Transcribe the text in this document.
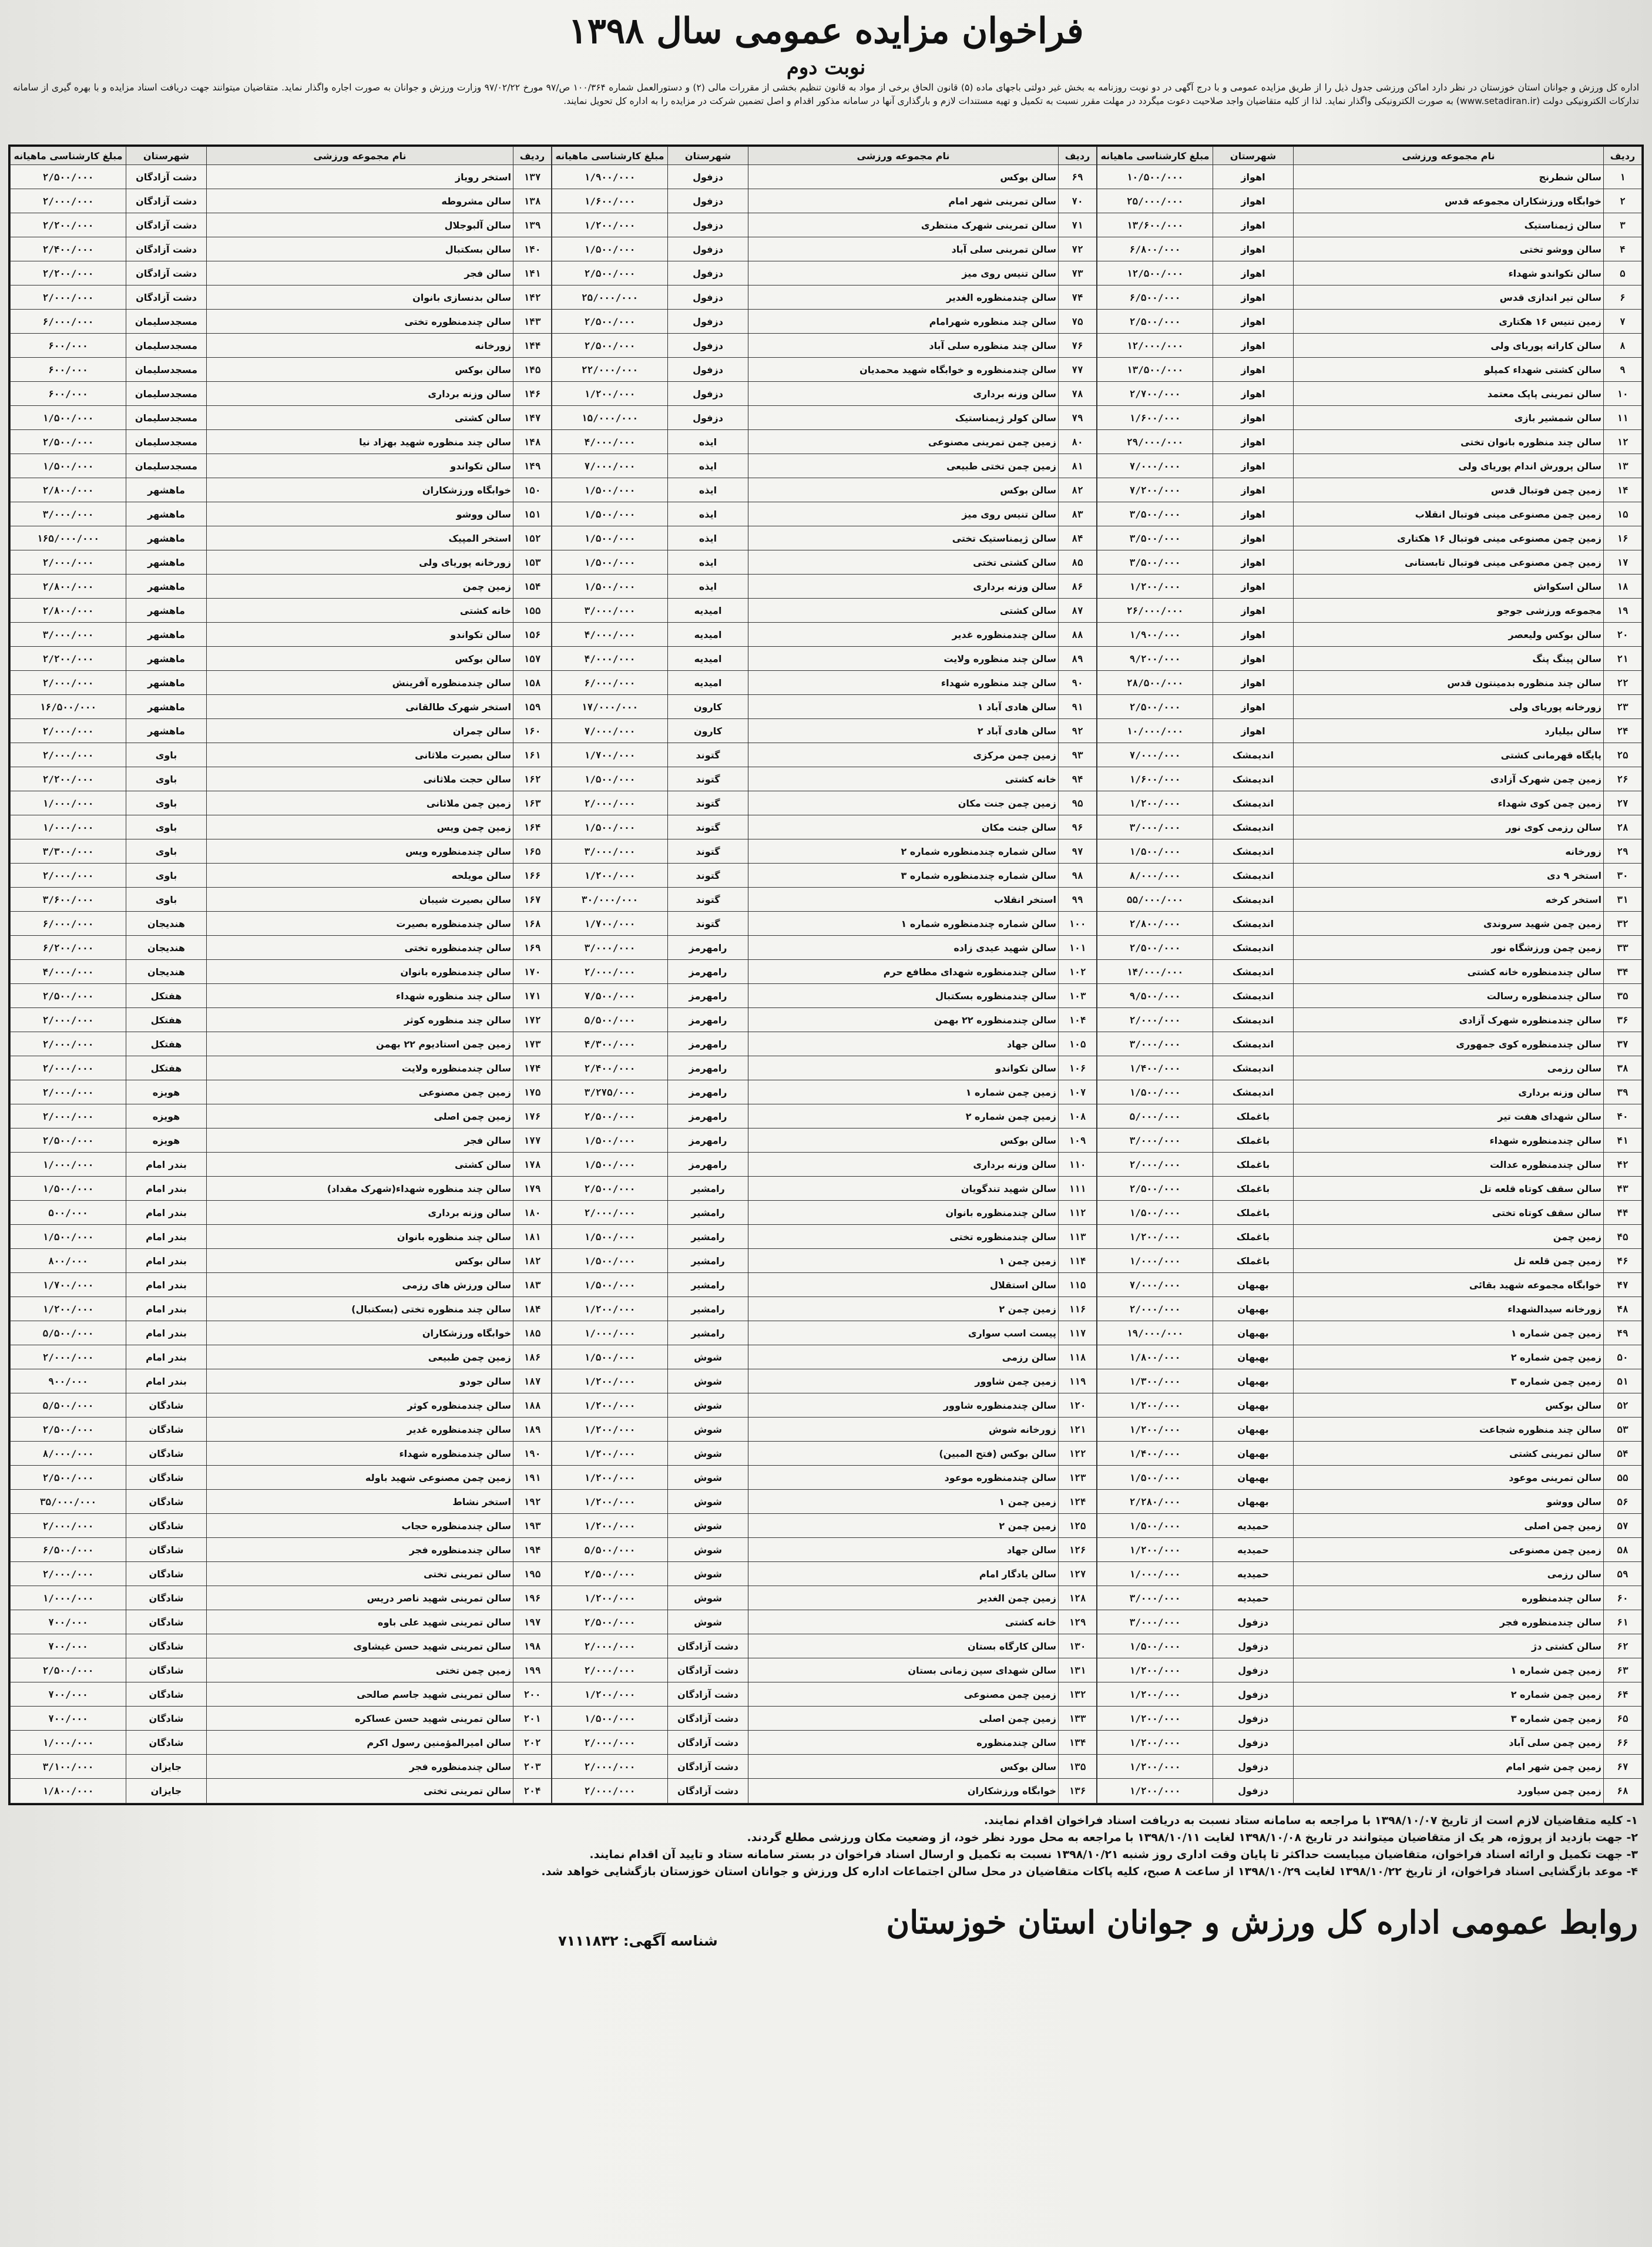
فراخوان مزایده عمومی سال ۱۳۹۸
نوبت دوم
اداره کل ورزش و جوانان استان خوزستان در نظر دارد اماکن ورزشی جدول ذیل را از طریق مزایده عمومی و با درج آگهی در دو نوبت روزنامه به بخش غیر دولتی باجهای ماده (۵) قانون الحاق برخی از مواد به قانون تنظیم بخشی از مقررات مالی (۲) و دستورالعمل شماره ۱۰۰/۳۶۴ ص/۹۷ مورخ ۹۷/۰۲/۲۲ وزارت ورزش و جوانان به صورت اجاره واگذار نماید. متقاضیان میتوانند جهت دریافت اسناد مزایده و با بهره گیری از سامانه تدارکات الکترونیکی دولت (www.setadiran.ir) به صورت الکترونیکی واگذار نماید. لذا از کلیه متقاضیان واجد صلاحیت دعوت میگردد در مهلت مقرر نسبت به تکمیل و تهیه مستندات لازم و بارگذاری آنها در سامانه مذکور اقدام و اصل تضمین شرکت در مزایده را به اداره کل تحویل نمایند.
ردیف	نام مجموعه ورزشی	شهرستان	مبلغ کارشناسی ماهیانه
۱	سالن شطرنج	اهواز	۱۰/۵۰۰/۰۰۰
۲	خوابگاه ورزشکاران مجموعه قدس	اهواز	۲۵/۰۰۰/۰۰۰
۳	سالن ژیمناستیک	اهواز	۱۳/۶۰۰/۰۰۰
۴	سالن ووشو تختی	اهواز	۶/۸۰۰/۰۰۰
۵	سالن تکواندو شهداء	اهواز	۱۲/۵۰۰/۰۰۰
۶	سالن تیر اندازی قدس	اهواز	۶/۵۰۰/۰۰۰
۷	زمین تنیس ۱۶ هکتاری	اهواز	۲/۵۰۰/۰۰۰
۸	سالن کاراته پوریای ولی	اهواز	۱۲/۰۰۰/۰۰۰
۹	سالن کشتی شهداء کمپلو	اهواز	۱۳/۵۰۰/۰۰۰
۱۰	سالن تمرینی پاپک معتمد	اهواز	۲/۷۰۰/۰۰۰
۱۱	سالن شمشیر بازی	اهواز	۱/۶۰۰/۰۰۰
۱۲	سالن چند منظوره بانوان تختی	اهواز	۲۹/۰۰۰/۰۰۰
۱۳	سالن پرورش اندام پوریای ولی	اهواز	۷/۰۰۰/۰۰۰
۱۴	زمین چمن فوتبال قدس	اهواز	۷/۲۰۰/۰۰۰
۱۵	زمین چمن مصنوعی مینی فوتبال انقلاب	اهواز	۳/۵۰۰/۰۰۰
۱۶	زمین چمن مصنوعی مینی فوتبال ۱۶ هکتاری	اهواز	۳/۵۰۰/۰۰۰
۱۷	زمین چمن مصنوعی مینی فوتبال تابستانی	اهواز	۳/۵۰۰/۰۰۰
۱۸	سالن اسکواش	اهواز	۱/۲۰۰/۰۰۰
۱۹	مجموعه ورزشی جوجو	اهواز	۲۶/۰۰۰/۰۰۰
۲۰	سالن بوکس ولیعصر	اهواز	۱/۹۰۰/۰۰۰
۲۱	سالن پینگ پنگ	اهواز	۹/۲۰۰/۰۰۰
۲۲	سالن چند منظوره بدمینتون قدس	اهواز	۲۸/۵۰۰/۰۰۰
۲۳	زورخانه پوریای ولی	اهواز	۲/۵۰۰/۰۰۰
۲۴	سالن بیلیارد	اهواز	۱۰/۰۰۰/۰۰۰
۲۵	پایگاه قهرمانی کشتی	اندیمشک	۷/۰۰۰/۰۰۰
۲۶	زمین چمن شهرک آزادی	اندیمشک	۱/۶۰۰/۰۰۰
۲۷	زمین چمن کوی شهداء	اندیمشک	۱/۲۰۰/۰۰۰
۲۸	سالن رزمی کوی نور	اندیمشک	۳/۰۰۰/۰۰۰
۲۹	زورخانه	اندیمشک	۱/۵۰۰/۰۰۰
۳۰	استخر ۹ دی	اندیمشک	۸/۰۰۰/۰۰۰
۳۱	استخر کرخه	اندیمشک	۵۵/۰۰۰/۰۰۰
۳۲	زمین چمن شهید سروندی	اندیمشک	۲/۸۰۰/۰۰۰
۳۳	زمین چمن ورزشگاه نور	اندیمشک	۲/۵۰۰/۰۰۰
۳۴	سالن چندمنظوره خانه کشتی	اندیمشک	۱۴/۰۰۰/۰۰۰
۳۵	سالن چندمنظوره رسالت	اندیمشک	۹/۵۰۰/۰۰۰
۳۶	سالن چندمنظوره شهرک آزادی	اندیمشک	۲/۰۰۰/۰۰۰
۳۷	سالن چندمنظوره کوی جمهوری	اندیمشک	۳/۰۰۰/۰۰۰
۳۸	سالن رزمی	اندیمشک	۱/۴۰۰/۰۰۰
۳۹	سالن وزنه برداری	اندیمشک	۱/۵۰۰/۰۰۰
۴۰	سالن شهدای هفت تیر	باغملک	۵/۰۰۰/۰۰۰
۴۱	سالن چندمنظوره شهداء	باغملک	۳/۰۰۰/۰۰۰
۴۲	سالن چندمنظوره عدالت	باغملک	۲/۰۰۰/۰۰۰
۴۳	سالن سقف کوتاه قلعه تل	باغملک	۲/۵۰۰/۰۰۰
۴۴	سالن سقف کوتاه تختی	باغملک	۱/۵۰۰/۰۰۰
۴۵	زمین چمن	باغملک	۱/۲۰۰/۰۰۰
۴۶	زمین چمن قلعه تل	باغملک	۱/۰۰۰/۰۰۰
۴۷	خوابگاه مجموعه شهید بقائی	بهبهان	۷/۰۰۰/۰۰۰
۴۸	زورخانه سیدالشهداء	بهبهان	۲/۰۰۰/۰۰۰
۴۹	زمین چمن شماره ۱	بهبهان	۱۹/۰۰۰/۰۰۰
۵۰	زمین چمن شماره ۲	بهبهان	۱/۸۰۰/۰۰۰
۵۱	زمین چمن شماره ۳	بهبهان	۱/۳۰۰/۰۰۰
۵۲	سالن بوکس	بهبهان	۱/۲۰۰/۰۰۰
۵۳	سالن چند منظوره شجاعت	بهبهان	۱/۲۰۰/۰۰۰
۵۴	سالن تمرینی کشتی	بهبهان	۱/۴۰۰/۰۰۰
۵۵	سالن تمرینی موعود	بهبهان	۱/۵۰۰/۰۰۰
۵۶	سالن ووشو	بهبهان	۲/۲۸۰/۰۰۰
۵۷	زمین چمن اصلی	حمیدیه	۱/۵۰۰/۰۰۰
۵۸	زمین چمن مصنوعی	حمیدیه	۱/۲۰۰/۰۰۰
۵۹	سالن رزمی	حمیدیه	۱/۰۰۰/۰۰۰
۶۰	سالن چندمنظوره	حمیدیه	۳/۰۰۰/۰۰۰
۶۱	سالن چندمنظوره فجر	دزفول	۳/۰۰۰/۰۰۰
۶۲	سالن کشتی دژ	دزفول	۱/۵۰۰/۰۰۰
۶۳	زمین چمن شماره ۱	دزفول	۱/۲۰۰/۰۰۰
۶۴	زمین چمن شماره ۲	دزفول	۱/۲۰۰/۰۰۰
۶۵	زمین چمن شماره ۳	دزفول	۱/۲۰۰/۰۰۰
۶۶	زمین چمن سلی آباد	دزفول	۱/۲۰۰/۰۰۰
۶۷	زمین چمن شهر امام	دزفول	۱/۲۰۰/۰۰۰
۶۸	زمین چمن سیاورد	دزفول	۱/۲۰۰/۰۰۰
ردیف	نام مجموعه ورزشی	شهرستان	مبلغ کارشناسی ماهیانه
۶۹	سالن بوکس	دزفول	۱/۹۰۰/۰۰۰
۷۰	سالن تمرینی شهر امام	دزفول	۱/۶۰۰/۰۰۰
۷۱	سالن تمرینی شهرک منتظری	دزفول	۱/۲۰۰/۰۰۰
۷۲	سالن تمرینی سلی آباد	دزفول	۱/۵۰۰/۰۰۰
۷۳	سالن تنیس روی میز	دزفول	۲/۵۰۰/۰۰۰
۷۴	سالن چندمنظوره الغدیر	دزفول	۲۵/۰۰۰/۰۰۰
۷۵	سالن چند منظوره شهرامام	دزفول	۲/۵۰۰/۰۰۰
۷۶	سالن چند منظوره سلی آباد	دزفول	۲/۵۰۰/۰۰۰
۷۷	سالن چندمنظوره و خوابگاه شهید محمدیان	دزفول	۲۲/۰۰۰/۰۰۰
۷۸	سالن وزنه برداری	دزفول	۱/۲۰۰/۰۰۰
۷۹	سالن کولر ژیمناستیک	دزفول	۱۵/۰۰۰/۰۰۰
۸۰	زمین چمن تمرینی مصنوعی	ایذه	۴/۰۰۰/۰۰۰
۸۱	زمین چمن تختی طبیعی	ایذه	۷/۰۰۰/۰۰۰
۸۲	سالن بوکس	ایذه	۱/۵۰۰/۰۰۰
۸۳	سالن تنیس روی میز	ایذه	۱/۵۰۰/۰۰۰
۸۴	سالن ژیمناستیک تختی	ایذه	۱/۵۰۰/۰۰۰
۸۵	سالن کشتی تختی	ایذه	۱/۵۰۰/۰۰۰
۸۶	سالن وزنه برداری	ایذه	۱/۵۰۰/۰۰۰
۸۷	سالن کشتی	امیدیه	۳/۰۰۰/۰۰۰
۸۸	سالن چندمنظوره غدیر	امیدیه	۴/۰۰۰/۰۰۰
۸۹	سالن چند منظوره ولایت	امیدیه	۴/۰۰۰/۰۰۰
۹۰	سالن چند منظوره شهداء	امیدیه	۶/۰۰۰/۰۰۰
۹۱	سالن هادی آباد ۱	کارون	۱۷/۰۰۰/۰۰۰
۹۲	سالن هادی آباد ۲	کارون	۷/۰۰۰/۰۰۰
۹۳	زمین چمن مرکزی	گتوند	۱/۷۰۰/۰۰۰
۹۴	خانه کشتی	گتوند	۱/۵۰۰/۰۰۰
۹۵	زمین چمن جنت مکان	گتوند	۲/۰۰۰/۰۰۰
۹۶	سالن جنت مکان	گتوند	۱/۵۰۰/۰۰۰
۹۷	سالن شماره چندمنظوره شماره ۲	گتوند	۳/۰۰۰/۰۰۰
۹۸	سالن شماره چندمنظوره شماره ۳	گتوند	۱/۲۰۰/۰۰۰
۹۹	استخر انقلاب	گتوند	۳۰/۰۰۰/۰۰۰
۱۰۰	سالن شماره چندمنظوره شماره ۱	گتوند	۱/۷۰۰/۰۰۰
۱۰۱	سالن شهید عیدی زاده	رامهرمز	۳/۰۰۰/۰۰۰
۱۰۲	سالن چندمنظوره شهدای مطافع حرم	رامهرمز	۲/۰۰۰/۰۰۰
۱۰۳	سالن چندمنظوره بسکتبال	رامهرمز	۷/۵۰۰/۰۰۰
۱۰۴	سالن چندمنظوره ۲۲ بهمن	رامهرمز	۵/۵۰۰/۰۰۰
۱۰۵	سالن جهاد	رامهرمز	۴/۳۰۰/۰۰۰
۱۰۶	سالن تکواندو	رامهرمز	۲/۴۰۰/۰۰۰
۱۰۷	زمین چمن شماره ۱	رامهرمز	۳/۲۷۵/۰۰۰
۱۰۸	زمین چمن شماره ۲	رامهرمز	۲/۵۰۰/۰۰۰
۱۰۹	سالن بوکس	رامهرمز	۱/۵۰۰/۰۰۰
۱۱۰	سالن وزنه برداری	رامهرمز	۱/۵۰۰/۰۰۰
۱۱۱	سالن شهید تندگویان	رامشیر	۲/۵۰۰/۰۰۰
۱۱۲	سالن چندمنظوره بانوان	رامشیر	۲/۰۰۰/۰۰۰
۱۱۳	سالن چندمنظوره تختی	رامشیر	۱/۵۰۰/۰۰۰
۱۱۴	زمین چمن ۱	رامشیر	۱/۵۰۰/۰۰۰
۱۱۵	سالن استقلال	رامشیر	۱/۵۰۰/۰۰۰
۱۱۶	زمین چمن ۲	رامشیر	۱/۲۰۰/۰۰۰
۱۱۷	پیست اسب سواری	رامشیر	۱/۰۰۰/۰۰۰
۱۱۸	سالن رزمی	شوش	۱/۵۰۰/۰۰۰
۱۱۹	زمین چمن شاوور	شوش	۱/۲۰۰/۰۰۰
۱۲۰	سالن چندمنظوره شاوور	شوش	۱/۲۰۰/۰۰۰
۱۲۱	زورخانه شوش	شوش	۱/۲۰۰/۰۰۰
۱۲۲	سالن بوکس (فتح المبین)	شوش	۱/۲۰۰/۰۰۰
۱۲۳	سالن چندمنظوره موعود	شوش	۱/۲۰۰/۰۰۰
۱۲۴	زمین چمن ۱	شوش	۱/۲۰۰/۰۰۰
۱۲۵	زمین چمن ۲	شوش	۱/۲۰۰/۰۰۰
۱۲۶	سالن جهاد	شوش	۵/۵۰۰/۰۰۰
۱۲۷	سالن یادگار امام	شوش	۲/۵۰۰/۰۰۰
۱۲۸	زمین چمن الغدیر	شوش	۱/۲۰۰/۰۰۰
۱۲۹	خانه کشتی	شوش	۲/۵۰۰/۰۰۰
۱۳۰	سالن کارگاه بستان	دشت آزادگان	۲/۰۰۰/۰۰۰
۱۳۱	سالن شهدای سپن زمانی بستان	دشت آزادگان	۲/۰۰۰/۰۰۰
۱۳۲	زمین چمن مصنوعی	دشت آزادگان	۱/۲۰۰/۰۰۰
۱۳۳	زمین چمن اصلی	دشت آزادگان	۱/۵۰۰/۰۰۰
۱۳۴	سالن چندمنظوره	دشت آزادگان	۲/۰۰۰/۰۰۰
۱۳۵	سالن بوکس	دشت آزادگان	۲/۰۰۰/۰۰۰
۱۳۶	خوابگاه ورزشکاران	دشت آزادگان	۲/۰۰۰/۰۰۰
ردیف	نام مجموعه ورزشی	شهرستان	مبلغ کارشناسی ماهیانه
۱۳۷	استخر رویاز	دشت آزادگان	۲/۵۰۰/۰۰۰
۱۳۸	سالن مشروطه	دشت آزادگان	۲/۰۰۰/۰۰۰
۱۳۹	سالن آلبوجلال	دشت آزادگان	۲/۲۰۰/۰۰۰
۱۴۰	سالن بسکتبال	دشت آزادگان	۲/۴۰۰/۰۰۰
۱۴۱	سالن فجر	دشت آزادگان	۲/۲۰۰/۰۰۰
۱۴۲	سالن بدنسازی بانوان	دشت آزادگان	۲/۰۰۰/۰۰۰
۱۴۳	سالن چندمنظوره تختی	مسجدسلیمان	۶/۰۰۰/۰۰۰
۱۴۴	زورخانه	مسجدسلیمان	۶۰۰/۰۰۰
۱۴۵	سالن بوکس	مسجدسلیمان	۶۰۰/۰۰۰
۱۴۶	سالن وزنه برداری	مسجدسلیمان	۶۰۰/۰۰۰
۱۴۷	سالن کشتی	مسجدسلیمان	۱/۵۰۰/۰۰۰
۱۴۸	سالن چند منظوره شهید بهزاد نیا	مسجدسلیمان	۲/۵۰۰/۰۰۰
۱۴۹	سالن تکواندو	مسجدسلیمان	۱/۵۰۰/۰۰۰
۱۵۰	خوابگاه ورزشکاران	ماهشهر	۲/۸۰۰/۰۰۰
۱۵۱	سالن ووشو	ماهشهر	۳/۰۰۰/۰۰۰
۱۵۲	استخر المپیک	ماهشهر	۱۶۵/۰۰۰/۰۰۰
۱۵۳	زورخانه پوریای ولی	ماهشهر	۲/۰۰۰/۰۰۰
۱۵۴	زمین چمن	ماهشهر	۲/۸۰۰/۰۰۰
۱۵۵	خانه کشتی	ماهشهر	۲/۸۰۰/۰۰۰
۱۵۶	سالن تکواندو	ماهشهر	۳/۰۰۰/۰۰۰
۱۵۷	سالن بوکس	ماهشهر	۲/۲۰۰/۰۰۰
۱۵۸	سالن چندمنظوره آفرینش	ماهشهر	۲/۰۰۰/۰۰۰
۱۵۹	استخر شهرک طالقانی	ماهشهر	۱۶/۵۰۰/۰۰۰
۱۶۰	سالن چمران	ماهشهر	۲/۰۰۰/۰۰۰
۱۶۱	سالن بصیرت ملاثانی	باوی	۲/۰۰۰/۰۰۰
۱۶۲	سالن حجت ملاثانی	باوی	۲/۲۰۰/۰۰۰
۱۶۳	زمین چمن ملاثانی	باوی	۱/۰۰۰/۰۰۰
۱۶۴	زمین چمن ویس	باوی	۱/۰۰۰/۰۰۰
۱۶۵	سالن چندمنظوره ویس	باوی	۳/۳۰۰/۰۰۰
۱۶۶	سالن مویلحه	باوی	۲/۰۰۰/۰۰۰
۱۶۷	سالن بصیرت شیبان	باوی	۳/۶۰۰/۰۰۰
۱۶۸	سالن چندمنظوره بصیرت	هندیجان	۶/۰۰۰/۰۰۰
۱۶۹	سالن چندمنظوره تختی	هندیجان	۶/۲۰۰/۰۰۰
۱۷۰	سالن چندمنظوره بانوان	هندیجان	۴/۰۰۰/۰۰۰
۱۷۱	سالن چند منظوره شهداء	هفتکل	۲/۵۰۰/۰۰۰
۱۷۲	سالن چند منظوره کوثر	هفتکل	۲/۰۰۰/۰۰۰
۱۷۳	زمین چمن استادیوم ۲۲ بهمن	هفتکل	۲/۰۰۰/۰۰۰
۱۷۴	سالن چندمنظوره ولایت	هفتکل	۲/۰۰۰/۰۰۰
۱۷۵	زمین چمن مصنوعی	هویزه	۲/۰۰۰/۰۰۰
۱۷۶	زمین چمن اصلی	هویزه	۲/۰۰۰/۰۰۰
۱۷۷	سالن فجر	هویزه	۲/۵۰۰/۰۰۰
۱۷۸	سالن کشتی	بندر امام	۱/۰۰۰/۰۰۰
۱۷۹	سالن چند منظوره شهداء(شهرک مقداد)	بندر امام	۱/۵۰۰/۰۰۰
۱۸۰	سالن وزنه برداری	بندر امام	۵۰۰/۰۰۰
۱۸۱	سالن چند منظوره بانوان	بندر امام	۱/۵۰۰/۰۰۰
۱۸۲	سالن بوکس	بندر امام	۸۰۰/۰۰۰
۱۸۳	سالن ورزش های رزمی	بندر امام	۱/۷۰۰/۰۰۰
۱۸۴	سالن چند منظوره تختی (بسکتبال)	بندر امام	۱/۲۰۰/۰۰۰
۱۸۵	خوابگاه ورزشکاران	بندر امام	۵/۵۰۰/۰۰۰
۱۸۶	زمین چمن طبیعی	بندر امام	۲/۰۰۰/۰۰۰
۱۸۷	سالن جودو	بندر امام	۹۰۰/۰۰۰
۱۸۸	سالن چندمنظوره کوثر	شادگان	۵/۵۰۰/۰۰۰
۱۸۹	سالن چندمنظوره غدیر	شادگان	۲/۵۰۰/۰۰۰
۱۹۰	سالن چندمنظوره شهداء	شادگان	۸/۰۰۰/۰۰۰
۱۹۱	زمین چمن مصنوعی شهید باوله	شادگان	۲/۵۰۰/۰۰۰
۱۹۲	استخر نشاط	شادگان	۳۵/۰۰۰/۰۰۰
۱۹۳	سالن چندمنظوره حجاب	شادگان	۲/۰۰۰/۰۰۰
۱۹۴	سالن چندمنظوره فجر	شادگان	۶/۵۰۰/۰۰۰
۱۹۵	سالن تمرینی تختی	شادگان	۲/۰۰۰/۰۰۰
۱۹۶	سالن تمرینی شهید ناصر دریس	شادگان	۱/۰۰۰/۰۰۰
۱۹۷	سالن تمرینی شهید علی باوه	شادگان	۷۰۰/۰۰۰
۱۹۸	سالن تمرینی شهید حسن غیشاوی	شادگان	۷۰۰/۰۰۰
۱۹۹	زمین چمن تختی	شادگان	۲/۵۰۰/۰۰۰
۲۰۰	سالن تمرینی شهید جاسم صالحی	شادگان	۷۰۰/۰۰۰
۲۰۱	سالن تمرینی شهید حسن عساکره	شادگان	۷۰۰/۰۰۰
۲۰۲	سالن امیرالمؤمنین رسول اکرم	شادگان	۱/۰۰۰/۰۰۰
۲۰۳	سالن چندمنظوره فجر	جایزان	۳/۱۰۰/۰۰۰
۲۰۴	سالن تمرینی تختی	جایزان	۱/۸۰۰/۰۰۰
۱- کلیه متقاضیان لازم است از تاریخ ۱۳۹۸/۱۰/۰۷ با مراجعه به سامانه ستاد نسبت به دریافت اسناد فراخوان اقدام نمایند.
۲- جهت بازدید از پروژه، هر یک از متقاضیان میتوانند در تاریخ ۱۳۹۸/۱۰/۰۸ لغایت ۱۳۹۸/۱۰/۱۱ با مراجعه به محل مورد نظر خود، از وضعیت مکان ورزشی مطلع گردند.
۳- جهت تکمیل و ارائه اسناد فراخوان، متقاضیان میبایست حداکثر تا پایان وقت اداری روز شنبه ۱۳۹۸/۱۰/۲۱ نسبت به تکمیل و ارسال اسناد فراخوان در بستر سامانه ستاد و تایید آن اقدام نمایند.
۴- موعد بازگشایی اسناد فراخوان، از تاریخ ۱۳۹۸/۱۰/۲۲ لغایت ۱۳۹۸/۱۰/۲۹ از ساعت ۸ صبح، کلیه پاکات متقاضیان در محل سالن اجتماعات اداره کل ورزش و جوانان استان خوزستان بازگشایی خواهد شد.
شناسه آگهی: ۷۱۱۱۸۳۲	روابط عمومی اداره کل ورزش و جوانان استان خوزستان
